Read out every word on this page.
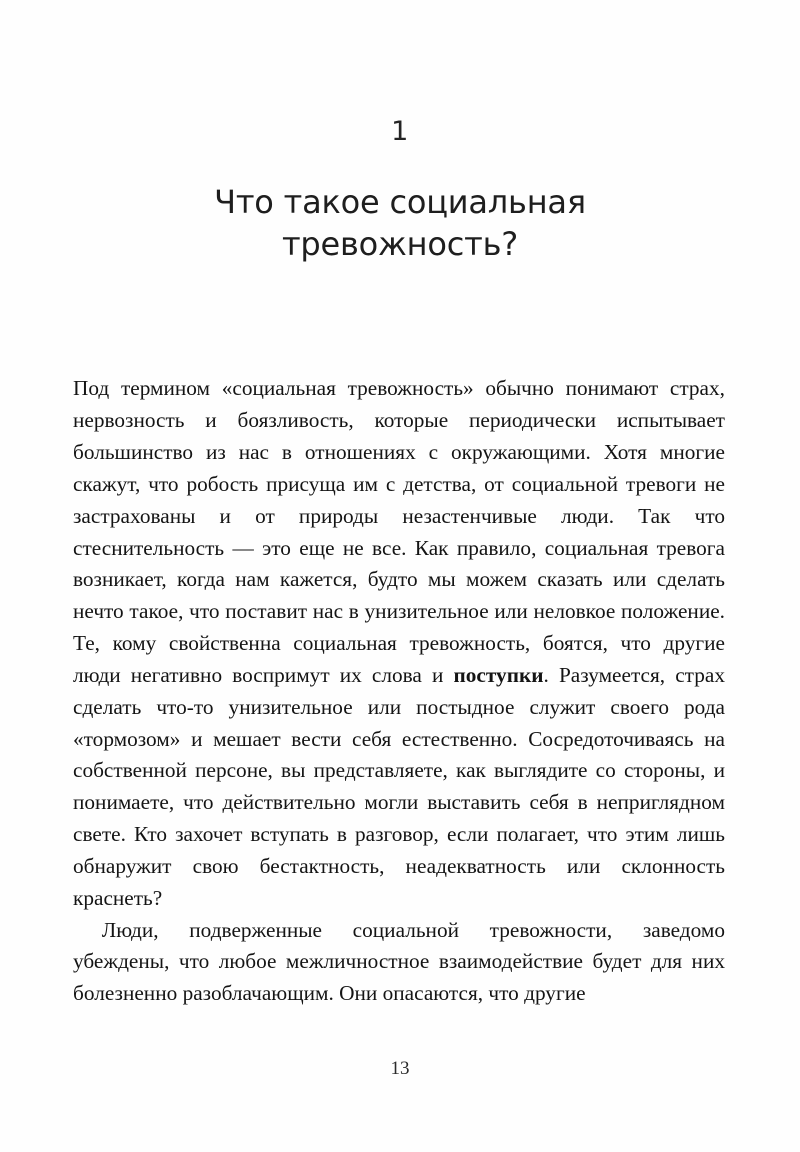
1
Что такое социальная тревожность?

Под термином «социальная тревожность» обычно понимают страх, нервозность и боязливость, которые периодически испытывает большинство из нас в отношениях с окружающими. Хотя многие скажут, что робость присуща им с детства, от социальной тревоги не застрахованы и от природы незастенчивые люди. Так что стеснительность — это еще не все. Как правило, социальная тревога возникает, когда нам кажется, будто мы можем сказать или сделать нечто такое, что поставит нас в унизительное или неловкое положение. Те, кому свойственна социальная тревожность, боятся, что другие люди негативно воспримут их слова и поступки. Разумеется, страх сделать что-то унизительное или постыдное служит своего рода «тормозом» и мешает вести себя естественно. Сосредоточиваясь на собственной персоне, вы представляете, как выглядите со стороны, и понимаете, что действительно могли выставить себя в неприглядном свете. Кто захочет вступать в разговор, если полагает, что этим лишь обнаружит свою бестактность, неадекватность или склонность краснеть?

Люди, подверженные социальной тревожности, заведомо убеждены, что любое межличностное взаимодействие будет для них болезненно разоблачающим. Они опасаются, что другие

13
